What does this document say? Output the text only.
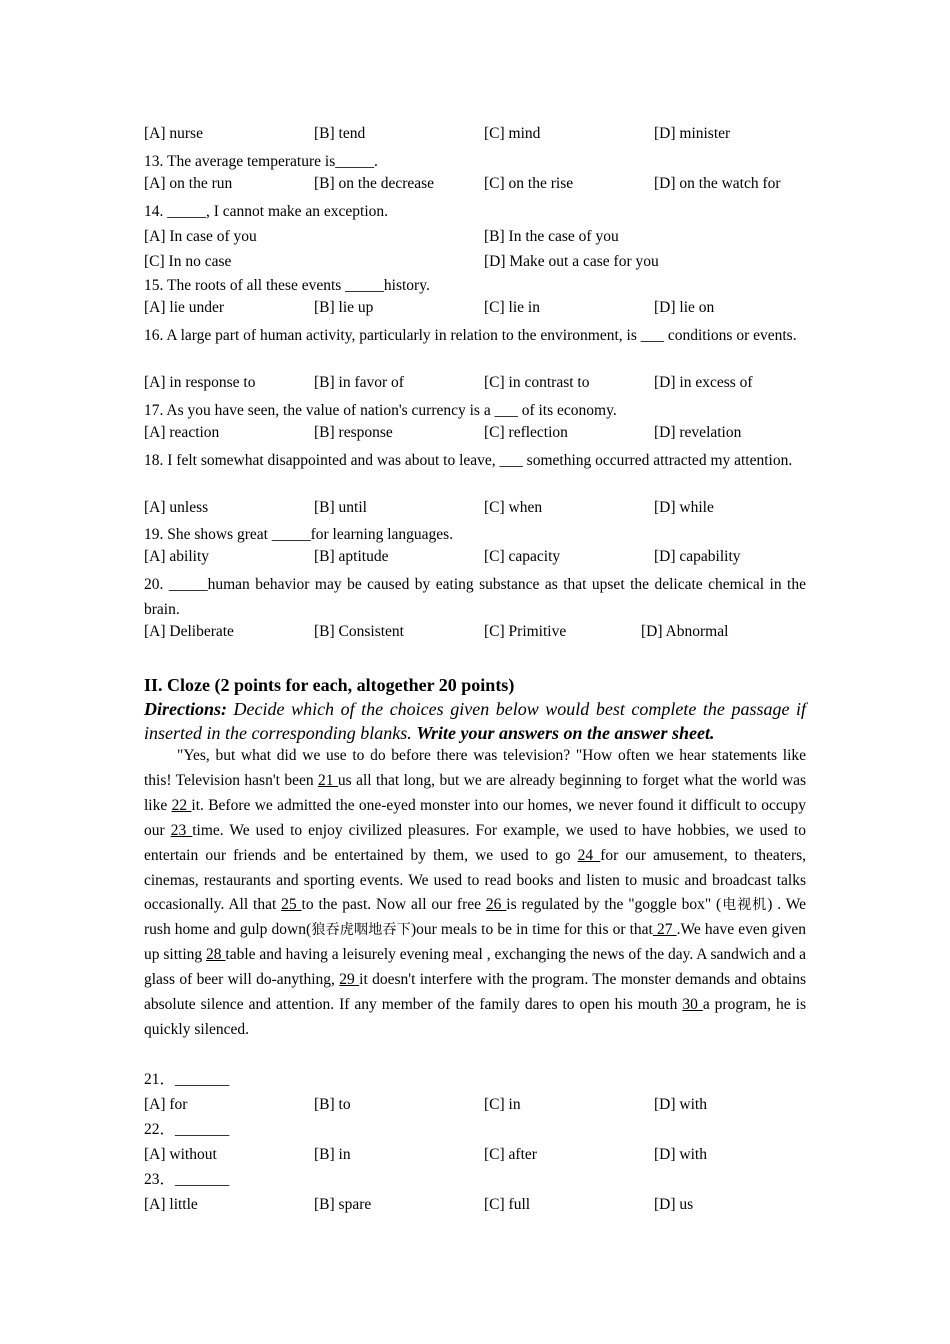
[A] nurse	[B] tend	[C] mind	[D] minister
13. The average temperature is_____.
[A] on the run	[B] on the decrease	[C] on the rise	[D] on the watch for
14. _____, I cannot make an exception.
[A] In case of you	[B] In the case of you
[C] In no case	[D] Make out a case for you
15. The roots of all these events _____history.
[A] lie under	[B] lie up	[C] lie in	[D] lie on
16. A large part of human activity, particularly in relation to the environment, is ___ conditions or events.
[A] in response to	[B] in favor of	[C] in contrast to	[D] in excess of
17. As you have seen, the value of nation's currency is a ___ of its economy.
[A] reaction	[B] response	[C] reflection	[D] revelation
18. I felt somewhat disappointed and was about to leave, ___ something occurred attracted my attention.
[A] unless	[B] until	[C] when	[D] while
19. She shows great _____for learning languages.
[A] ability	[B] aptitude	[C] capacity	[D] capability
20. _____human behavior may be caused by eating substance as that upset the delicate chemical in the brain.
[A] Deliberate	[B] Consistent	[C] Primitive	[D] Abnormal
II. Cloze (2 points for each, altogether 20 points)
Directions: Decide which of the choices given below would best complete the passage if inserted in the corresponding blanks. Write your answers on the answer sheet.
"Yes, but what did we use to do before there was television? "How often we hear statements like this! Television hasn't been 21 us all that long, but we are already beginning to forget what the world was like 22 it. Before we admitted the one-eyed monster into our homes, we never found it difficult to occupy our 23 time. We used to enjoy civilized pleasures. For example, we used to have hobbies, we used to entertain our friends and be entertained by them, we used to go 24 for our amusement, to theaters, cinemas, restaurants and sporting events. We used to read books and listen to music and broadcast talks occasionally. All that 25 to the past. Now all our free 26 is regulated by the "goggle box" (电视机) . We rush home and gulp down(狼吞虎咽地吞下)our meals to be in time for this or that 27 .We have even given up sitting 28 table and having a leisurely evening meal , exchanging the news of the day. A sandwich and a glass of beer will do-anything, 29 it doesn't interfere with the program. The monster demands and obtains absolute silence and attention. If any member of the family dares to open his mouth 30 a program, he is quickly silenced.
21．_______
[A] for	[B] to	[C] in	[D] with
22．_______
[A] without	[B] in	[C] after	[D] with
23．_______
[A] little	[B] spare	[C] full	[D] us
